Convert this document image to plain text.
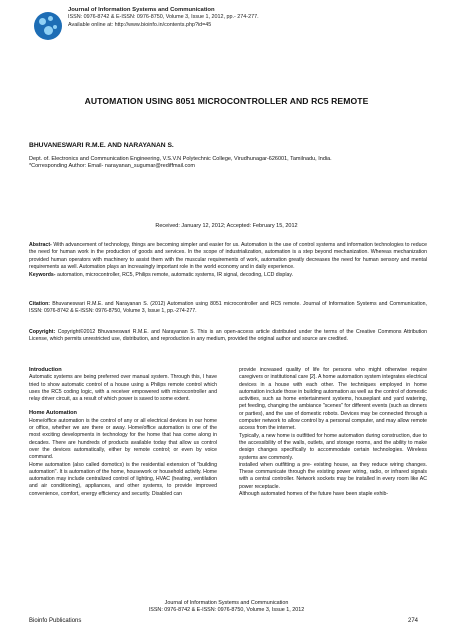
Journal of Information Systems and Communication
ISSN: 0976-8742 & E-ISSN: 0976-8750, Volume 3, Issue 1, 2012, pp.- 274-277.
Available online at: http://www.bioinfo.in/contents.php?id=45
AUTOMATION USING 8051 MICROCONTROLLER AND RC5 REMOTE
BHUVANESWARI R.M.E. AND NARAYANAN S.
Dept. of. Electronics and Communication Engineering, V.S.V.N Polytechnic College, Virudhunagar-626001, Tamilnadu, India.
*Corresponding Author: Email- narayanan_sugumar@rediffmail.com
Received: January 12, 2012; Accepted: February 15, 2012
Abstract- With advancement of technology, things are becoming simpler and easier for us. Automation is the use of control systems and information technologies to reduce the need for human work in the production of goods and services. In the scope of industrialization, automation is a step beyond mechanization. Whereas mechanization provided human operators with machinery to assist them with the muscular requirements of work, automation greatly decreases the need for human sensory and mental requirements as well. Automation plays an increasingly important role in the world economy and in daily experience.
Keywords- automation, microcontroller, RC5, Philips remote, automatic systems, IR signal, decoding, LCD display.
Citation: Bhuvaneswari R.M.E. and Narayanan S. (2012) Automation using 8051 microcontroller and RC5 remote. Journal of Information Systems and Communication, ISSN: 0976-8742 & E-ISSN: 0976-8750, Volume 3, Issue 1, pp.-274-277.
Copyright: Copyright©2012 Bhuvaneswari R.M.E. and Narayanan S. This is an open-access article distributed under the terms of the Creative Commons Attribution License, which permits unrestricted use, distribution, and reproduction in any medium, provided the original author and source are credited.
Introduction
Automatic systems are being preferred over manual system. Through this, I have tried to show automatic control of a house using a Philips remote control which uses the RC5 coding logic, with a receiver empowered with microcontroller and relay driver circuit, as a result of which power is saved to some extent.
Home Automation
Home/office automation is the control of any or all electrical devices in our home or office, whether we are there or away. Home/office automation is one of the most exciting developments in technology for the home that has come along in decades. There are hundreds of products available today that allow us control over the devices automatically, either by remote control; or even by voice command.
Home automation (also called domotics) is the residential extension of "building automation". It is automation of the home, housework or household activity. Home automation may include centralized control of lighting, HVAC (heating, ventilation and air conditioning), appliances, and other systems, to provide improved convenience, comfort, energy efficiency and security. Disabled can
provide increased quality of life for persons who might otherwise require caregivers or institutional care [2]. A home automation system integrates electrical devices in a house with each other. The techniques employed in home automation include those in building automation as well as the control of domestic activities, such as home entertainment systems, houseplant and yard watering, pet feeding, changing the ambiance "scenes" for different events (such as dinners or parties), and the use of domestic robots. Devices may be connected through a computer network to allow control by a personal computer, and may allow remote access from the internet.
Typically, a new home is outfitted for home automation during construction, due to the accessibility of the walls, outlets, and storage rooms, and the ability to make design changes specifically to accommodate certain technologies. Wireless systems are commonly.
installed when outfitting a pre- existing house, as they reduce wiring changes. These communicate through the existing power wiring, radio, or infrared signals with a central controller. Network sockets may be installed in every room like AC power receptacle.
Although automated homes of the future have been staple exhib-
Journal of Information Systems and Communication
ISSN: 0976-8742 & E-ISSN: 0976-8750, Volume 3, Issue 1, 2012
Bioinfo Publications	274
